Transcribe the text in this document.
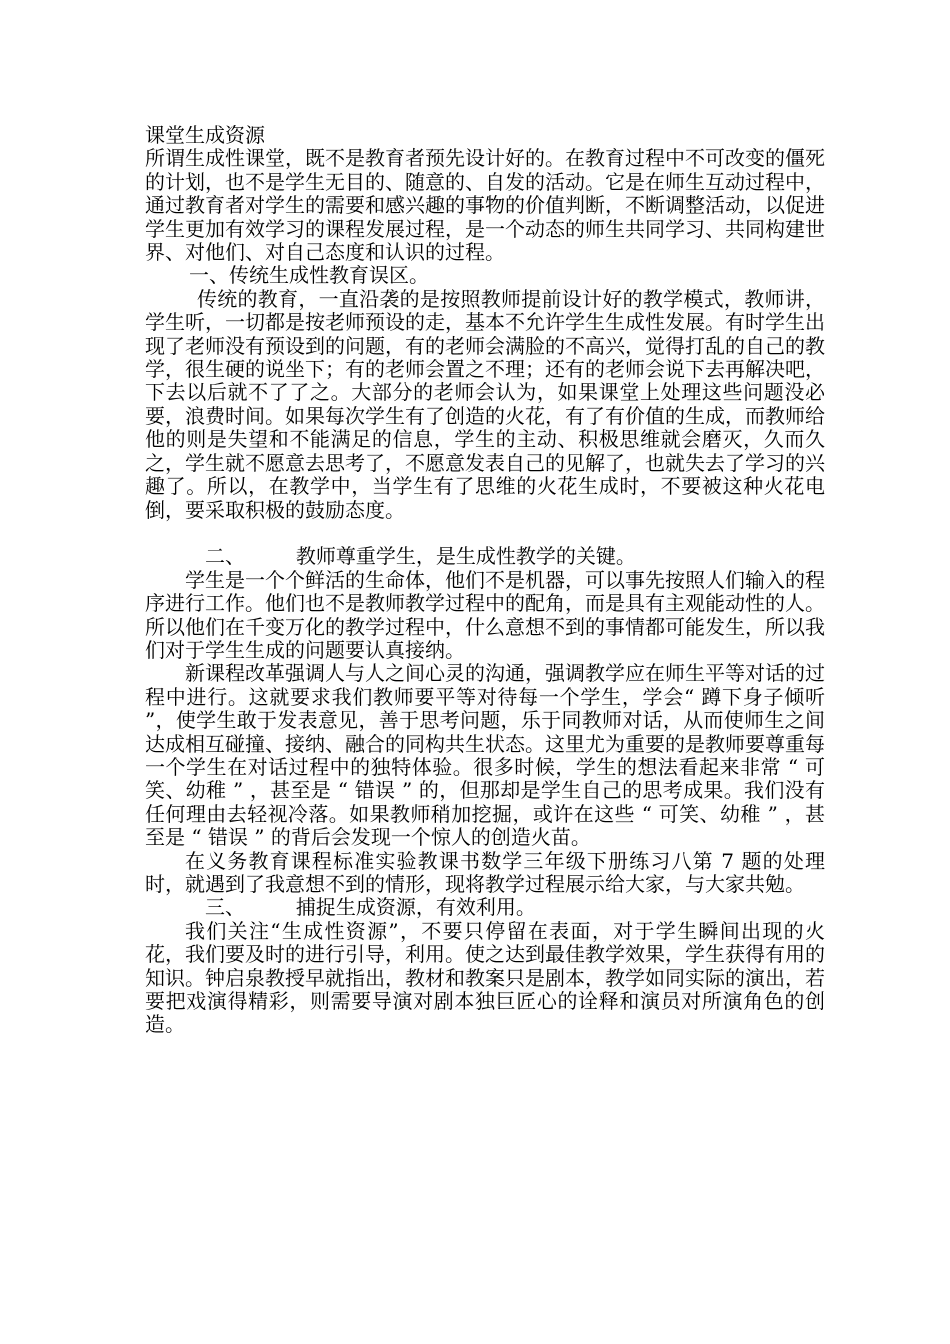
课堂生成资源

所谓生成性课堂，既不是教育者预先设计好的。在教育过程中不可改变的僵死的计划，也不是学生无目的、随意的、自发的活动。它是在师生互动过程中，通过教育者对学生的需要和感兴趣的事物的价值判断，不断调整活动，以促进学生更加有效学习的课程发展过程，是一个动态的师生共同学习、共同构建世界、对他们、对自己态度和认识的过程。

一、传统生成性教育误区。

传统的教育，一直沿袭的是按照教师提前设计好的教学模式，教师讲，学生听，一切都是按老师预设的走，基本不允许学生生成性发展。有时学生出现了老师没有预设到的问题，有的老师会满脸的不高兴，觉得打乱的自己的教学，很生硬的说坐下；有的老师会置之不理；还有的老师会说下去再解决吧，下去以后就不了了之。大部分的老师会认为，如果课堂上处理这些问题没必要，浪费时间。如果每次学生有了创造的火花，有了有价值的生成，而教师给他的则是失望和不能满足的信息，学生的主动、积极思维就会磨灭，久而久之，学生就不愿意去思考了，不愿意发表自己的见解了，也就失去了学习的兴趣了。所以，在教学中，当学生有了思维的火花生成时，不要被这种火花电倒，要采取积极的鼓励态度。

二、        教师尊重学生，是生成性教学的关键。

学生是一个个鲜活的生命体，他们不是机器，可以事先按照人们输入的程序进行工作。他们也不是教师教学过程中的配角，而是具有主观能动性的人。所以他们在千变万化的教学过程中，什么意想不到的事情都可能发生，所以我们对于学生生成的问题要认真接纳。

新课程改革强调人与人之间心灵的沟通，强调教学应在师生平等对话的过程中进行。这就要求我们教师要平等对待每一个学生，学会“ 蹲下身子倾听 ”，使学生敢于发表意见，善于思考问题，乐于同教师对话，从而使师生之间达成相互碰撞、接纳、融合的同构共生状态。这里尤为重要的是教师要尊重每一个学生在对话过程中的独特体验。很多时候，学生的想法看起来非常 “ 可笑、幼稚 ” ，甚至是 “ 错误 ” 的，但那却是学生自己的思考成果。我们没有任何理由去轻视冷落。如果教师稍加挖掘，或许在这些 “ 可笑、幼稚 ” ，甚至是 “ 错误 ” 的背后会发现一个惊人的创造火苗。

在义务教育课程标准实验教课书数学三年级下册练习八第 7 题的处理时，就遇到了我意想不到的情形，现将教学过程展示给大家，与大家共勉。

三、        捕捉生成资源，有效利用。

我们关注“生成性资源”，不要只停留在表面，对于学生瞬间出现的火花，我们要及时的进行引导，利用。使之达到最佳教学效果，学生获得有用的知识。钟启泉教授早就指出，教材和教案只是剧本，教学如同实际的演出，若要把戏演得精彩，则需要导演对剧本独巨匠心的诠释和演员对所演角色的创造。
